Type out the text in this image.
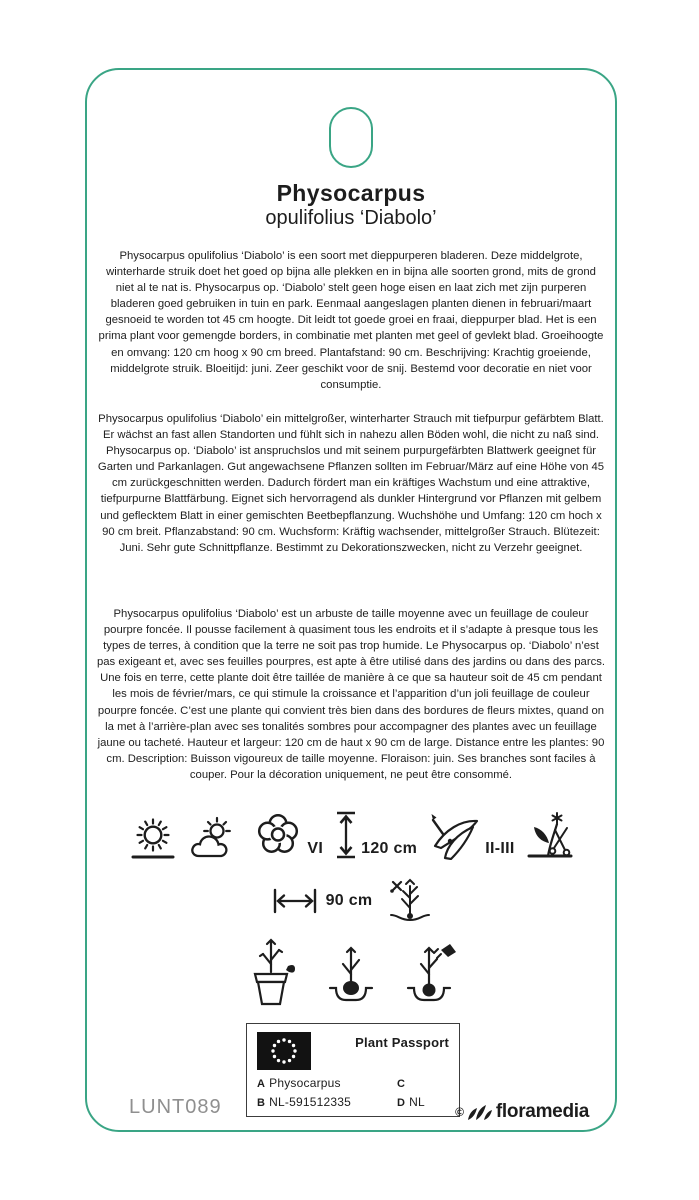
Physocarpus
opulifolius ‘Diabolo’

Physocarpus opulifolius ‘Diabolo’ is een soort met dieppurperen bladeren. Deze middelgrote, winterharde struik doet het goed op bijna alle plekken en in bijna alle soorten grond, mits de grond niet al te nat is. Physocarpus op. ‘Diabolo’ stelt geen hoge eisen en laat zich met zijn purperen bladeren goed gebruiken in tuin en park. Eenmaal aangeslagen planten dienen in februari/maart gesnoeid te worden tot 45 cm hoogte. Dit leidt tot goede groei en fraai, dieppurper blad. Het is een prima plant voor gemengde borders, in combinatie met planten met geel of gevlekt blad. Groeihoogte en omvang: 120 cm hoog x 90 cm breed. Plantafstand: 90 cm. Beschrijving: Krachtig groeiende, middelgrote struik. Bloeitijd: juni. Zeer geschikt voor de snij. Bestemd voor decoratie en niet voor consumptie.

Physocarpus opulifolius ‘Diabolo’ ein mittelgroßer, winterharter Strauch mit tiefpurpur gefärbtem Blatt. Er wächst an fast allen Standorten und fühlt sich in nahezu allen Böden wohl, die nicht zu naß sind. Physocarpus op. ‘Diabolo’ ist anspruchslos und mit seinem purpurgefärbten Blattwerk geeignet für Garten und Parkanlagen. Gut angewachsene Pflanzen sollten im Februar/März auf eine Höhe von 45 cm zurückgeschnitten werden. Dadurch fördert man ein kräftiges Wachstum und eine attraktive, tiefpurpurne Blattfärbung. Eignet sich hervorragend als dunkler Hintergrund vor Pflanzen mit gelbem und geflecktem Blatt in einer gemischten Beetbepflanzung. Wuchshöhe und Umfang: 120 cm hoch x 90 cm breit. Pflanzabstand: 90 cm. Wuchsform: Kräftig wachsender, mittelgroßer Strauch. Blütezeit: Juni. Sehr gute Schnittpflanze. Bestimmt zu Dekorationszwecken, nicht zu Verzehr geeignet.

Physocarpus opulifolius ‘Diabolo’ est un arbuste de taille moyenne avec un feuillage de couleur pourpre foncée. Il pousse facilement à quasiment tous les endroits et il s’adapte à presque tous les types de terres, à condition que la terre ne soit pas trop humide. Le Physocarpus op. ‘Diabolo’ n’est pas exigeant et, avec ses feuilles pourpres, est apte à être utilisé dans des jardins ou dans des parcs. Une fois en terre, cette plante doit être taillée de manière à ce que sa hauteur soit de 45 cm pendant les mois de février/mars, ce qui stimule la croissance et l’apparition d’un joli feuillage de couleur pourpre foncée. C’est une plante qui convient très bien dans des bordures de fleurs mixtes, quand on la met à l’arrière-plan avec ses tonalités sombres pour accompagner des plantes avec un feuillage jaune ou tacheté. Hauteur et largeur: 120 cm de haut x 90 cm de large. Distance entre les plantes: 90 cm. Description: Buisson vigoureux de taille moyenne. Floraison: juin. Ses branches sont faciles à couper. Pour la décoration uniquement, ne peut être consommé.

VI 120 cm	II-III
90 cm
Plant Passport
A Physocarpus
B NL-591512335
C
D NL
LUNT089	© floramedia
